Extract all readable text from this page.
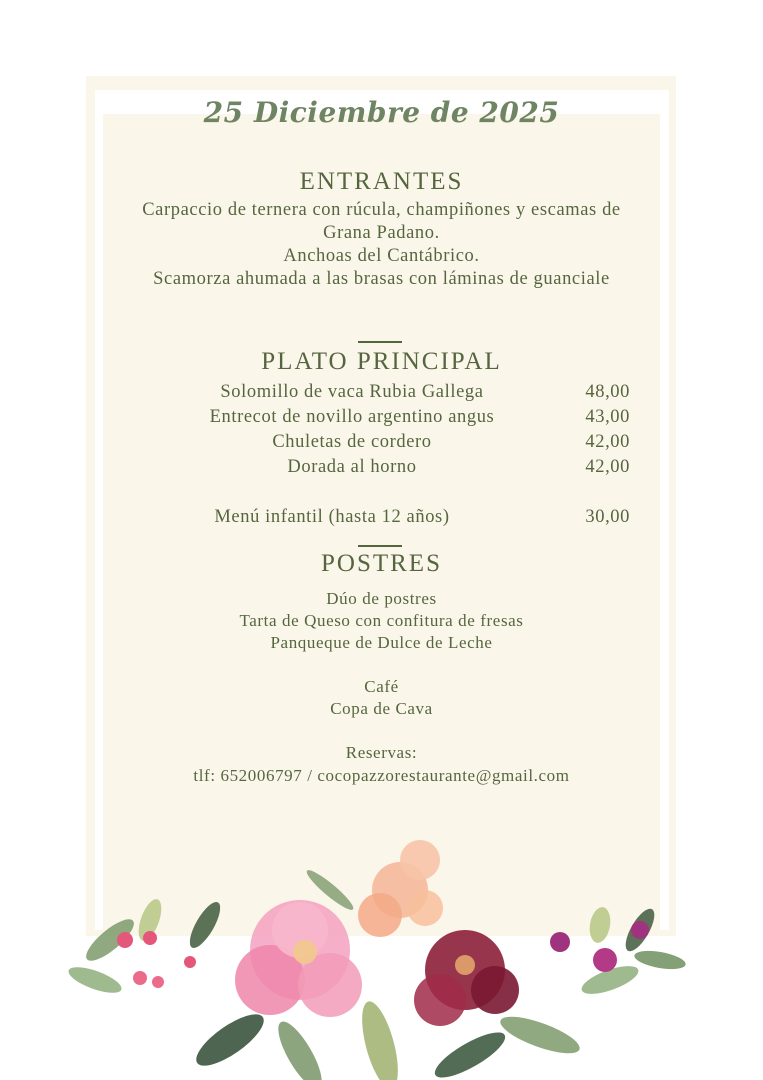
25 Diciembre de 2025
ENTRANTES
Carpaccio de ternera con rúcula, champiñones y escamas de
Grana Padano.
Anchoas del Cantábrico.
Scamorza ahumada a las brasas con láminas de guanciale
PLATO PRINCIPAL
Solomillo de vaca Rubia Gallega	48,00
Entrecot de novillo argentino angus	43,00
Chuletas de cordero	42,00
Dorada al horno	42,00
Menú infantil (hasta 12 años)	30,00
POSTRES
Dúo de postres
Tarta de Queso con confitura de fresas
Panqueque de Dulce de Leche
Café
Copa de Cava
Reservas:
tlf: 652006797 / cocopazzorestaurante@gmail.com
